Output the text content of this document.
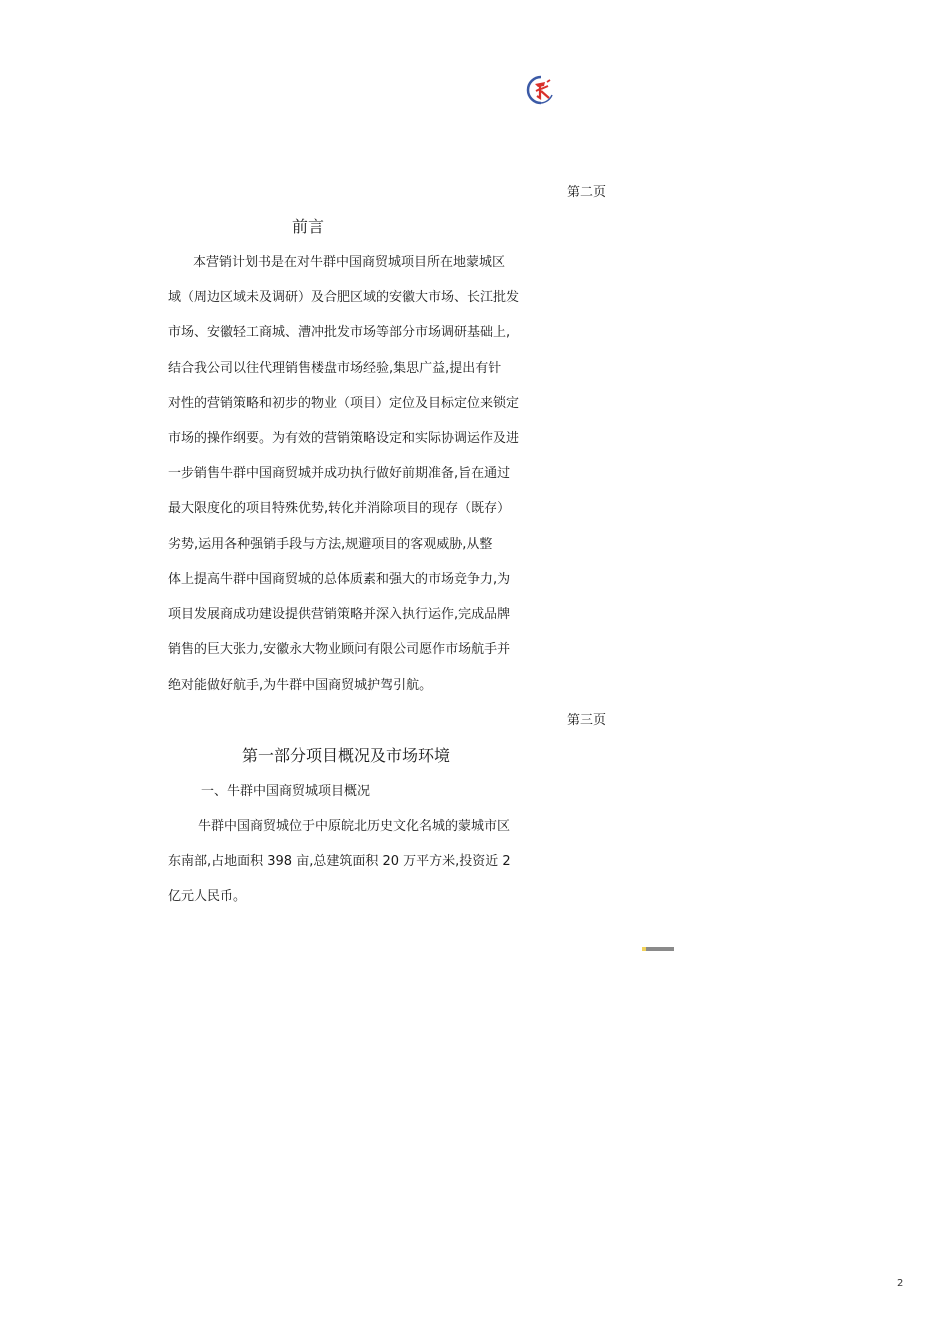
第二页
前言
本营销计划书是在对牛群中国商贸城项目所在地蒙城区
域（周边区域未及调研）及合肥区域的安徽大市场、长江批发
市场、安徽轻工商城、漕冲批发市场等部分市场调研基础上,
结合我公司以往代理销售楼盘市场经验,集思广益,提出有针
对性的营销策略和初步的物业（项目）定位及目标定位来锁定
市场的操作纲要。为有效的营销策略设定和实际协调运作及进
一步销售牛群中国商贸城并成功执行做好前期准备,旨在通过
最大限度化的项目特殊优势,转化并消除项目的现存（既存）
劣势,运用各种强销手段与方法,规避项目的客观威胁,从整
体上提高牛群中国商贸城的总体质素和强大的市场竞争力,为
项目发展商成功建设提供营销策略并深入执行运作,完成品牌
销售的巨大张力,安徽永大物业顾问有限公司愿作市场航手并
绝对能做好航手,为牛群中国商贸城护驾引航。
第三页
第一部分项目概况及市场环境
一、牛群中国商贸城项目概况
牛群中国商贸城位于中原皖北历史文化名城的蒙城市区
东南部,占地面积 398 亩,总建筑面积 20 万平方米,投资近 2
亿元人民币。
2
